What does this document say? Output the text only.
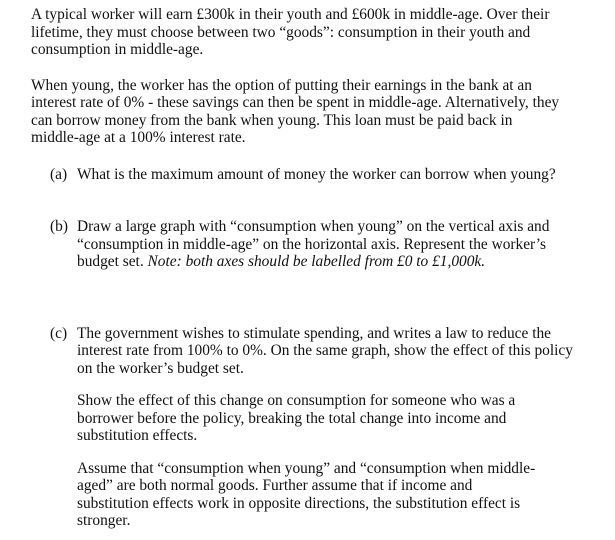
A typical worker will earn £300k in their youth and £600k in middle-age. Over their lifetime, they must choose between two “goods”: consumption in their youth and consumption in middle-age.

When young, the worker has the option of putting their earnings in the bank at an interest rate of 0% - these savings can then be spent in middle-age. Alternatively, they can borrow money from the bank when young. This loan must be paid back in middle-age at a 100% interest rate.

(a) What is the maximum amount of money the worker can borrow when young?
(b) Draw a large graph with “consumption when young” on the vertical axis and “consumption in middle-age” on the horizontal axis. Represent the worker’s budget set. Note: both axes should be labelled from £0 to £1,000k.
(c) The government wishes to stimulate spending, and writes a law to reduce the interest rate from 100% to 0%. On the same graph, show the effect of this policy on the worker’s budget set.

Show the effect of this change on consumption for someone who was a borrower before the policy, breaking the total change into income and substitution effects.

Assume that “consumption when young” and “consumption when middle-aged” are both normal goods. Further assume that if income and substitution effects work in opposite directions, the substitution effect is stronger.
